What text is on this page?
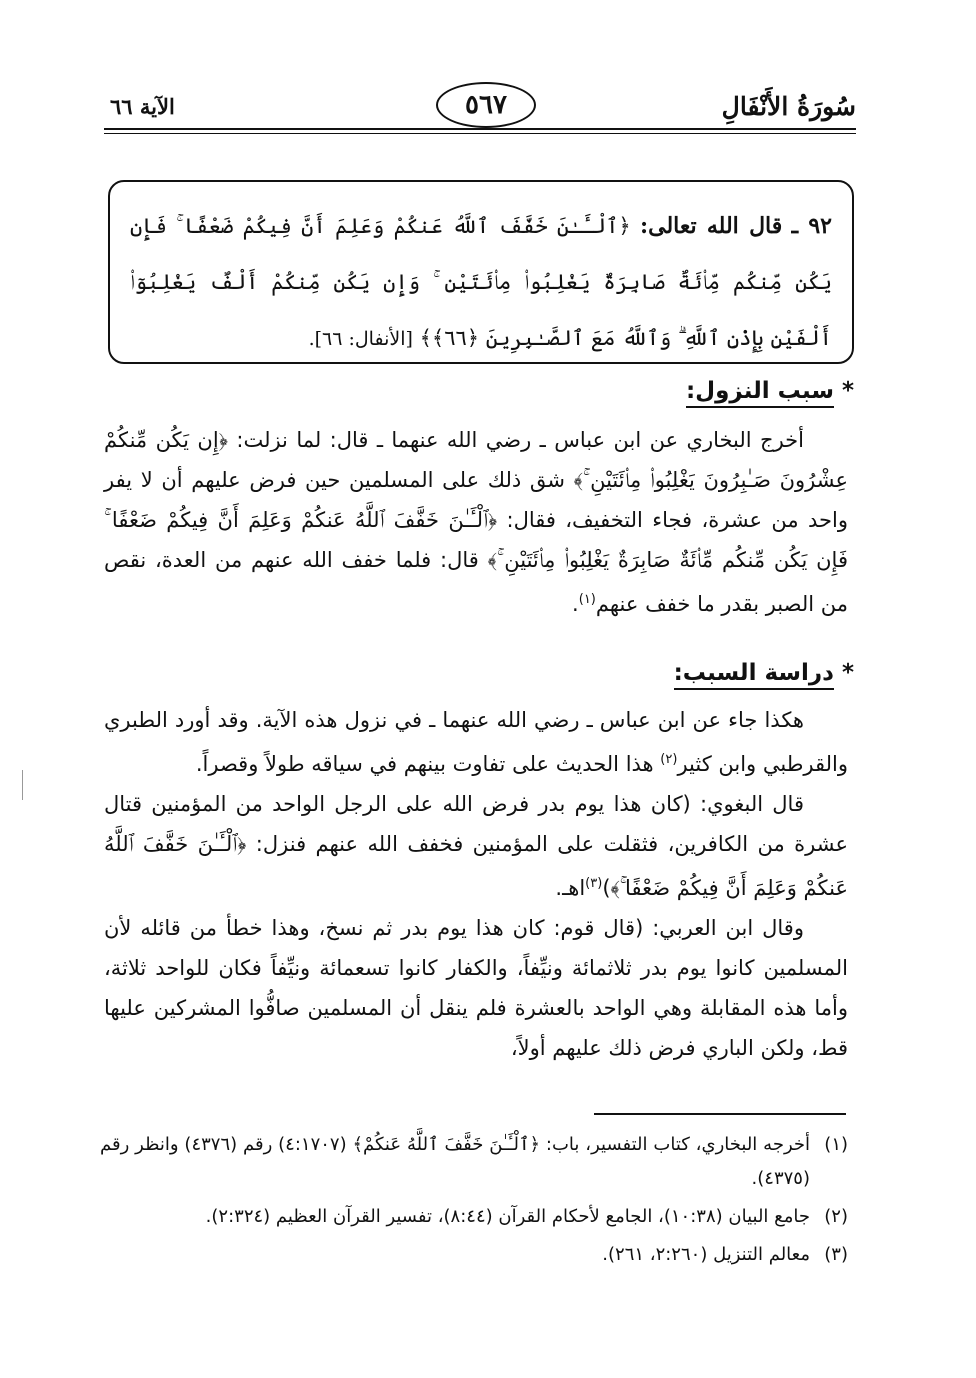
سُورَةُ الأَنْفَالِ
٥٦٧
الآية ٦٦
٩٢ ـ قال الله تعالى: ﴿ٱلْـَٔـٰنَ خَفَّفَ ٱللَّهُ عَنكُمْ وَعَلِمَ أَنَّ فِيكُمْ ضَعْفًا ۚ فَإِن يَكُن مِّنكُم مِّا۟ئَةٌ صَابِرَةٌ يَغْلِبُوا۟ مِا۟ئَتَيْنِ ۚ وَإِن يَكُن مِّنكُمْ أَلْفٌ يَغْلِبُوٓا۟ أَلْفَيْنِ بِإِذْنِ ٱللَّهِ ۗ وَٱللَّهُ مَعَ ٱلصَّـٰبِرِينَ ﴿٦٦﴾﴾ [الأنفال: ٦٦].
*سبب النزول:

أخرج البخاري عن ابن عباس ـ رضي الله عنهما ـ قال: لما نزلت: ﴿إِن يَكُن مِّنكُمْ عِشْرُونَ صَـٰبِرُونَ يَغْلِبُوا۟ مِا۟ئَتَيْنِ ۚ﴾ شق ذلك على المسلمين حين فرض عليهم أن لا يفر واحد من عشرة، فجاء التخفيف، فقال: ﴿ٱلْـَٔـٰنَ خَفَّفَ ٱللَّهُ عَنكُمْ وَعَلِمَ أَنَّ فِيكُمْ ضَعْفًا ۚ فَإِن يَكُن مِّنكُم مِّا۟ئَةٌ صَابِرَةٌ يَغْلِبُوا۟ مِا۟ئَتَيْنِ ۚ﴾ قال: فلما خفف الله عنهم من العدة، نقص من الصبر بقدر ما خفف عنهم$^{(١)}$.

*دراسة السبب:

هكذا جاء عن ابن عباس ـ رضي الله عنهما ـ في نزول هذه الآية. وقد أورد الطبري والقرطبي وابن كثير$^{(٢)}$ هذا الحديث على تفاوت بينهم في سياقه طولاً وقصراً.

قال البغوي: (كان هذا يوم بدر فرض الله على الرجل الواحد من المؤمنين قتال عشرة من الكافرين، فثقلت على المؤمنين فخفف الله عنهم فنزل: ﴿ٱلْـَٔـٰنَ خَفَّفَ ٱللَّهُ عَنكُمْ وَعَلِمَ أَنَّ فِيكُمْ ضَعْفًا ۚ﴾)$^{(٣)}$اهـ.

وقال ابن العربي: (قال قوم: كان هذا يوم بدر ثم نسخ، وهذا خطأ من قائله لأن المسلمين كانوا يوم بدر ثلاثمائة ونيِّفاً، والكفار كانوا تسعمائة ونيِّفاً فكان للواحد ثلاثة، وأما هذه المقابلة وهي الواحد بالعشرة فلم ينقل أن المسلمين صافُّوا المشركين عليها قط، ولكن الباري فرض ذلك عليهم أولاً،

(١)أخرجه البخاري، كتاب التفسير، باب: ﴿ٱلْـَٔـٰنَ خَفَّفَ ٱللَّهُ عَنكُمْ﴾ (٤:١٧٠٧) رقم (٤٣٧٦) وانظر رقم (٤٣٧٥).

(٢)جامع البيان (١٠:٣٨)، الجامع لأحكام القرآن (٨:٤٤)، تفسير القرآن العظيم (٢:٣٢٤).

(٣)معالم التنزيل (٢:٢٦٠، ٢٦١).
